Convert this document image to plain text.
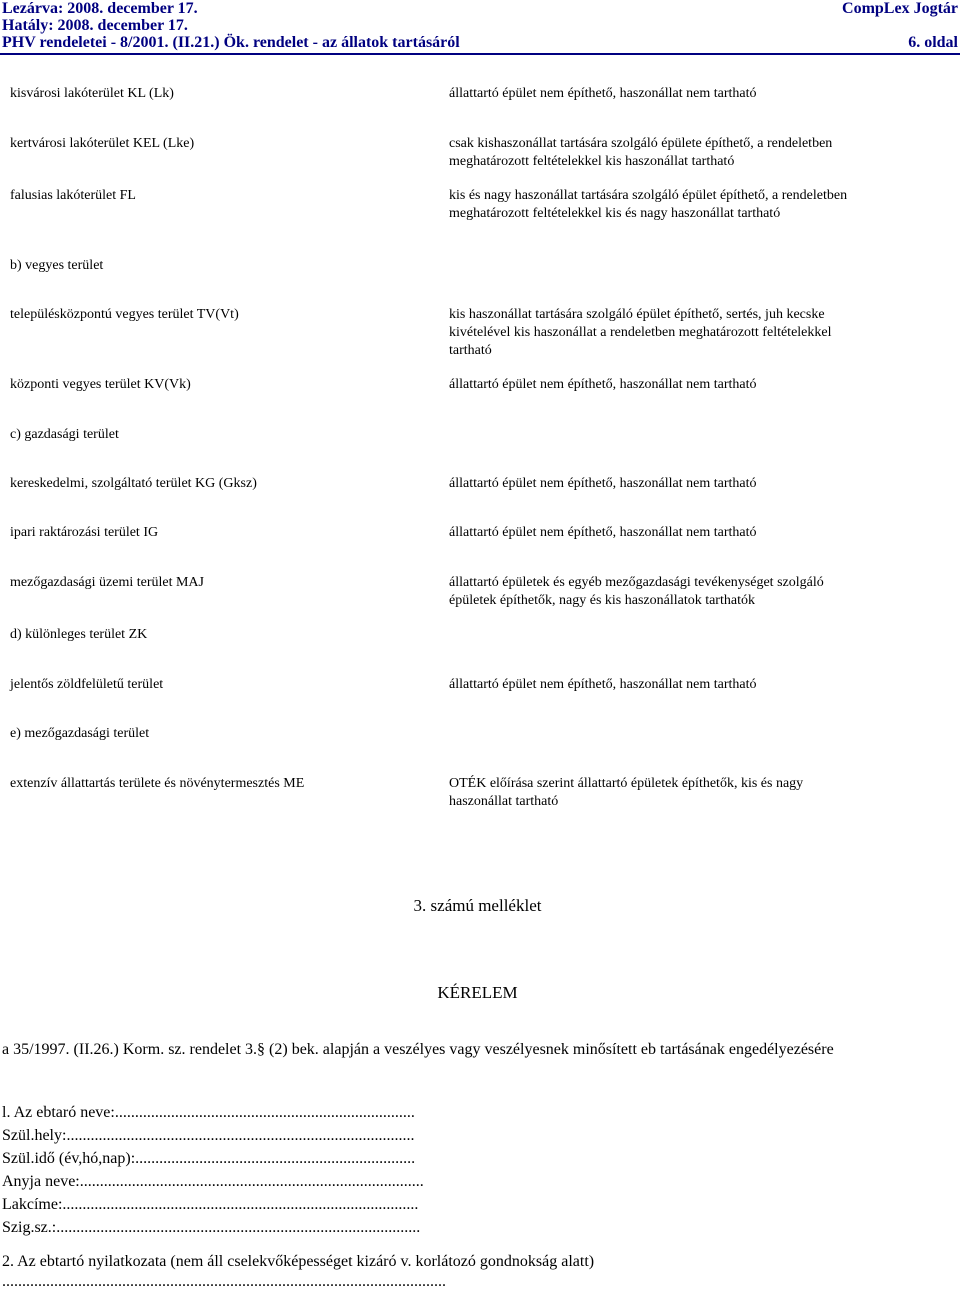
Lezárva: 2008. december 17.	CompLex Jogtár
Hatály: 2008. december 17.
PHV rendeletei - 8/2001. (II.21.) Ök. rendelet - az állatok tartásáról	6. oldal
kisvárosi lakóterület KL (Lk)	állattartó épület nem építhető, haszonállat nem tartható
kertvárosi lakóterület KEL (Lke)	csak kishaszonállat tartására szolgáló épülete építhető, a rendeletben meghatározott feltételekkel kis haszonállat tartható
falusias lakóterület FL	kis és nagy haszonállat tartására szolgáló épület építhető, a rendeletben meghatározott feltételekkel kis és nagy haszonállat tartható
b) vegyes terület
településközpontú vegyes terület TV(Vt)	kis haszonállat tartására szolgáló épület építhető, sertés, juh kecske kivételével kis haszonállat a rendeletben meghatározott feltételekkel tartható
központi vegyes terület KV(Vk)	állattartó épület nem építhető, haszonállat nem tartható
c) gazdasági terület
kereskedelmi, szolgáltató terület KG (Gksz)	állattartó épület nem építhető, haszonállat nem tartható
ipari raktározási terület IG	állattartó épület nem építhető, haszonállat nem tartható
mezőgazdasági üzemi terület MAJ	állattartó épületek és egyéb mezőgazdasági tevékenységet szolgáló épületek építhetők, nagy és kis haszonállatok tarthatók
d) különleges terület ZK
jelentős zöldfelületű terület	állattartó épület nem építhető, haszonállat nem tartható
e) mezőgazdasági terület
extenzív állattartás területe és növénytermesztés ME	OTÉK előírása szerint állattartó épületek építhetők, kis és nagy haszonállat tartható
3. számú melléklet
KÉRELEM
a 35/1997. (II.26.) Korm. sz. rendelet 3.§ (2) bek. alapján a veszélyes vagy veszélyesnek minősített eb tartásának engedélyezésére
l. Az ebtaró neve:...........................................................................
Szül.hely:.......................................................................................
Szül.idő (év,hó,nap):......................................................................
Anyja neve:......................................................................................
Lakcíme:.........................................................................................
Szig.sz.:...........................................................................................
2. Az ebtartó nyilatkozata (nem áll cselekvőképességet kizáró v. korlátozó gondnokság alatt)
...............................................................................................................
